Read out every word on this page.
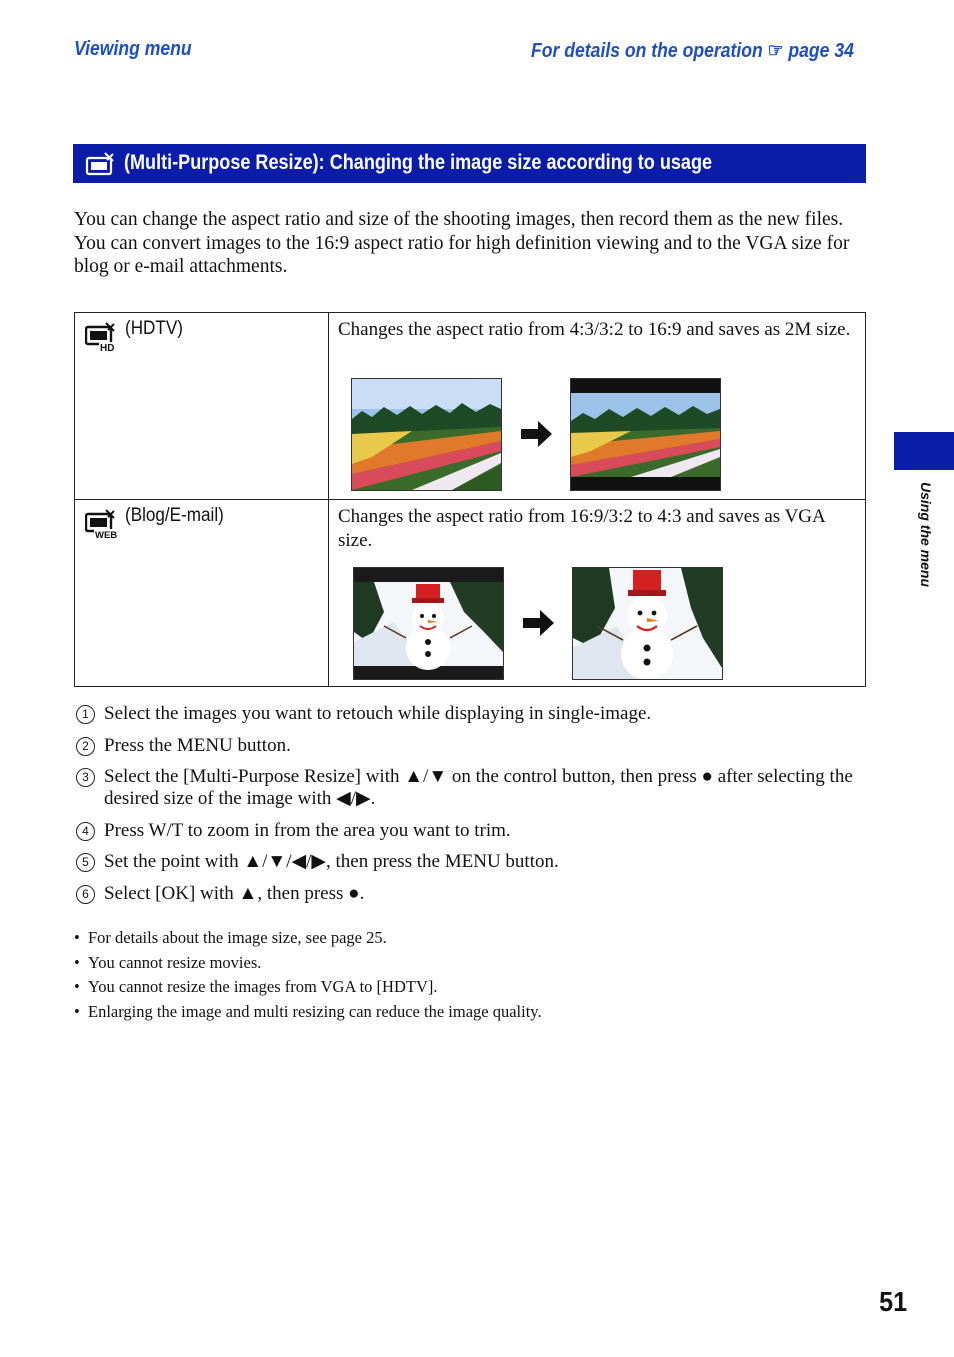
Viewing menu	For details on the operation ☞ page 34
(Multi-Purpose Resize): Changing the image size according to usage

You can change the aspect ratio and size of the shooting images, then record them as the new files.

You can convert images to the 16:9 aspect ratio for high definition viewing and to the VGA size for blog or e-mail attachments.

HD
(HDTV)	Changes the aspect ratio from 4:3/3:2 to 16:9 and saves as 2M size.

WEB
(Blog/E-mail)	Changes the aspect ratio from 16:9/3:2 to 4:3 and saves as VGA size.
1 Select the images you want to retouch while displaying in single-image.
2 Press the MENU button.
3 Select the [Multi-Purpose Resize] with ▲/▼ on the control button, then press ● after selecting the desired size of the image with ◀/▶.
4 Press W/T to zoom in from the area you want to trim.
5 Set the point with ▲/▼/◀/▶, then press the MENU button.
6 Select [OK] with ▲, then press ●.
• For details about the image size, see page 25.
• You cannot resize movies.
• You cannot resize the images from VGA to [HDTV].
• Enlarging the image and multi resizing can reduce the image quality.
Using the menu
51
